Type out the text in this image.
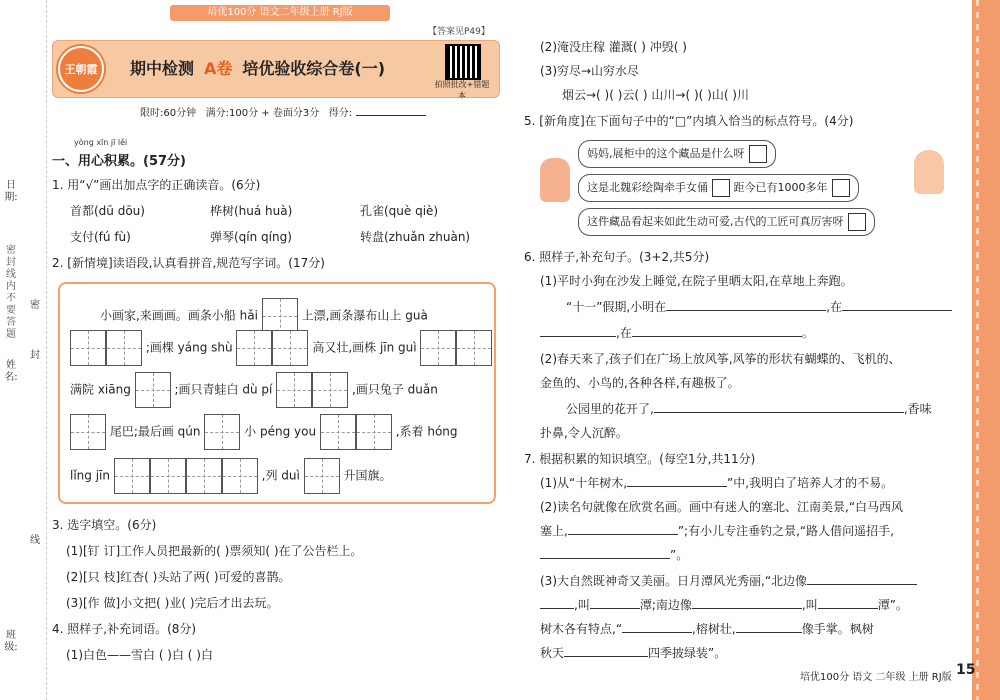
日期:
密封线内不要答题
姓名:
班级:
密
封
线
培优100分 语文二年级上册 RJ版
【答案见P49】
王朝霞	期中检测 A卷 培优验收综合卷(一)
拍照批改+错题本
限时:60分钟 满分:100分 + 卷面分3分 得分:
yòng xīn jī lěi
一、用心积累。(57分)
1. 用“√”画出加点字的正确读音。(6分)
首都(dū dōu)	桦树(huá huà)	孔雀(què qiè)
支付(fú fù)	弹琴(qín qíng)	转盘(zhuǎn zhuàn)
2. [新情境]读语段,认真看拼音,规范写字词。(17分)
小画家,来画画。画条小船 hǎi	上漂,画条瀑布山上 guà
;画棵 yáng shù	高又壮,画株 jīn guì
满院 xiāng	;画只青蛙白 dù pí	,画只兔子 duǎn
尾巴;最后画 qún	小 péng you	,系着 hóng
lǐng jīn	,列 duì	升国旗。
3. 选字填空。(6分)
(1)[钉 订]工作人员把最新的( )票须知( )在了公告栏上。
(2)[只 枝]红杏( )头站了两( )可爱的喜鹊。
(3)[作 做]小文把( )业( )完后才出去玩。
4. 照样子,补充词语。(8分)
(1)白色——雪白 ( )白 ( )白
(2)淹没庄稼 灌溉( ) 冲毁( )
(3)穷尽→山穷水尽
烟云→( )( )云( ) 山川→( )( )山( )川
5. [新角度]在下面句子中的“□”内填入恰当的标点符号。(4分)
妈妈,展柜中的这个藏品是什么呀
这是北魏彩绘陶牵手女俑 距今已有1000多年
这件藏品看起来如此生动可爱,古代的工匠可真厉害呀
6. 照样子,补充句子。(3+2,共5分)
(1)平时小狗在沙发上睡觉,在院子里晒太阳,在草地上奔跑。
“十一”假期,小明在	,在
,在	。
(2)春天来了,孩子们在广场上放风筝,风筝的形状有蝴蝶的、飞机的、
金鱼的、小鸟的,各种各样,有趣极了。
公园里的花开了,	,香味
扑鼻,令人沉醉。
7. 根据积累的知识填空。(每空1分,共11分)
(1)从“十年树木,	”中,我明白了培养人才的不易。
(2)读名句就像在欣赏名画。画中有迷人的塞北、江南美景,“白马西风
塞上,	”;有小儿专注垂钓之景,“路人借问遥招手,
”。
(3)大自然既神奇又美丽。日月潭风光秀丽,“北边像
,叫	潭;南边像	,叫	潭”。
树木各有特点,“	,榕树壮,	像手掌。枫树
秋天	四季披绿装”。
培优100分 语文 二年级 上册 RJ版 15
